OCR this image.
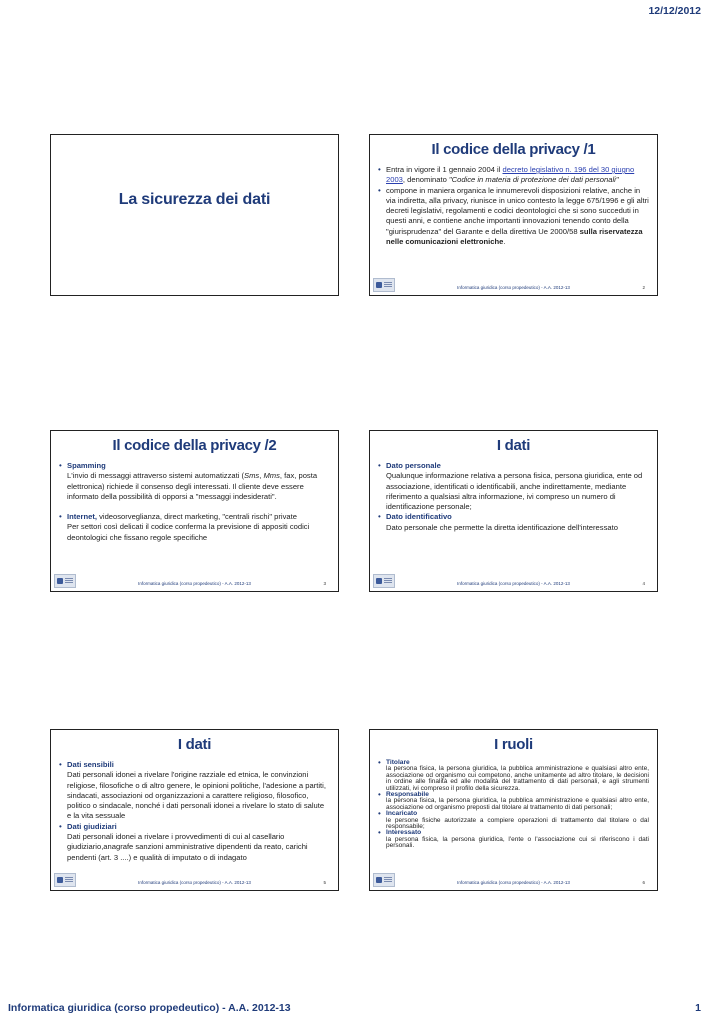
12/12/2012
La sicurezza dei dati
Il codice della privacy /1
• Entra in vigore il 1 gennaio 2004 il decreto legislativo n. 196 del 30 giugno 2003, denominato "Codice in materia di protezione dei dati personali"
• compone in maniera organica le innumerevoli disposizioni relative, anche in via indiretta, alla privacy, riunisce in unico contesto la legge 675/1996 e gli altri decreti legislativi, regolamenti e codici deontologici che si sono succeduti in questi anni, e contiene anche importanti innovazioni tenendo conto della "giurisprudenza" del Garante e della direttiva Ue 2000/58 sulla riservatezza nelle comunicazioni elettroniche.
Informatica giuridica (corso propedeutico) - A.A. 2012-13	2
Il codice della privacy /2
• Spamming
L'invio di messaggi attraverso sistemi automatizzati (Sms, Mms, fax, posta elettronica) richiede il consenso degli interessati. Il cliente deve essere informato della possibilità di opporsi a "messaggi indesiderati".
• Internet, videosorveglianza, direct marketing, "centrali rischi" private
Per settori così delicati il codice conferma la previsione di appositi codici deontologici che fissano regole specifiche
Informatica giuridica (corso propedeutico) - A.A. 2012-13	3
I dati
• Dato personale
Qualunque informazione relativa a persona fisica, persona giuridica, ente od associazione, identificati o identificabili, anche indirettamente, mediante riferimento a qualsiasi altra informazione, ivi compreso un numero di identificazione personale;
• Dato identificativo
Dato personale che permette la diretta identificazione dell'interessato
Informatica giuridica (corso propedeutico) - A.A. 2012-13	4
I dati
• Dati sensibili
Dati personali idonei a rivelare l'origine razziale ed etnica, le convinzioni religiose, filosofiche o di altro genere, le opinioni politiche, l'adesione a partiti, sindacati, associazioni od organizzazioni a carattere religioso, filosofico, politico o sindacale, nonché i dati personali idonei a rivelare lo stato di salute e la vita sessuale
• Dati giudiziari
Dati personali idonei a rivelare i provvedimenti di cui al casellario giudiziario,anagrafe sanzioni amministrative dipendenti da reato, carichi pendenti (art. 3 ....) e qualità di imputato o di indagato
Informatica giuridica (corso propedeutico) - A.A. 2012-13	5
I ruoli
• Titolare
la persona fisica, la persona giuridica, la pubblica amministrazione e qualsiasi altro ente, associazione od organismo cui competono, anche unitamente ad altro titolare, le decisioni in ordine alle finalità ed alle modalità del trattamento di dati personali, e agli strumenti utilizzati, ivi compreso il profilo della sicurezza.
• Responsabile
la persona fisica, la persona giuridica, la pubblica amministrazione e qualsiasi altro ente, associazione od organismo preposti dal titolare al trattamento di dati personali;
• Incaricato
le persone fisiche autorizzate a compiere operazioni di trattamento dal titolare o dal responsabile;
• Interessato
la persona fisica, la persona giuridica, l'ente o l'associazione cui si riferiscono i dati personali.
Informatica giuridica (corso propedeutico) - A.A. 2012-13	6
Informatica giuridica (corso propedeutico) - A.A. 2012-13	1
